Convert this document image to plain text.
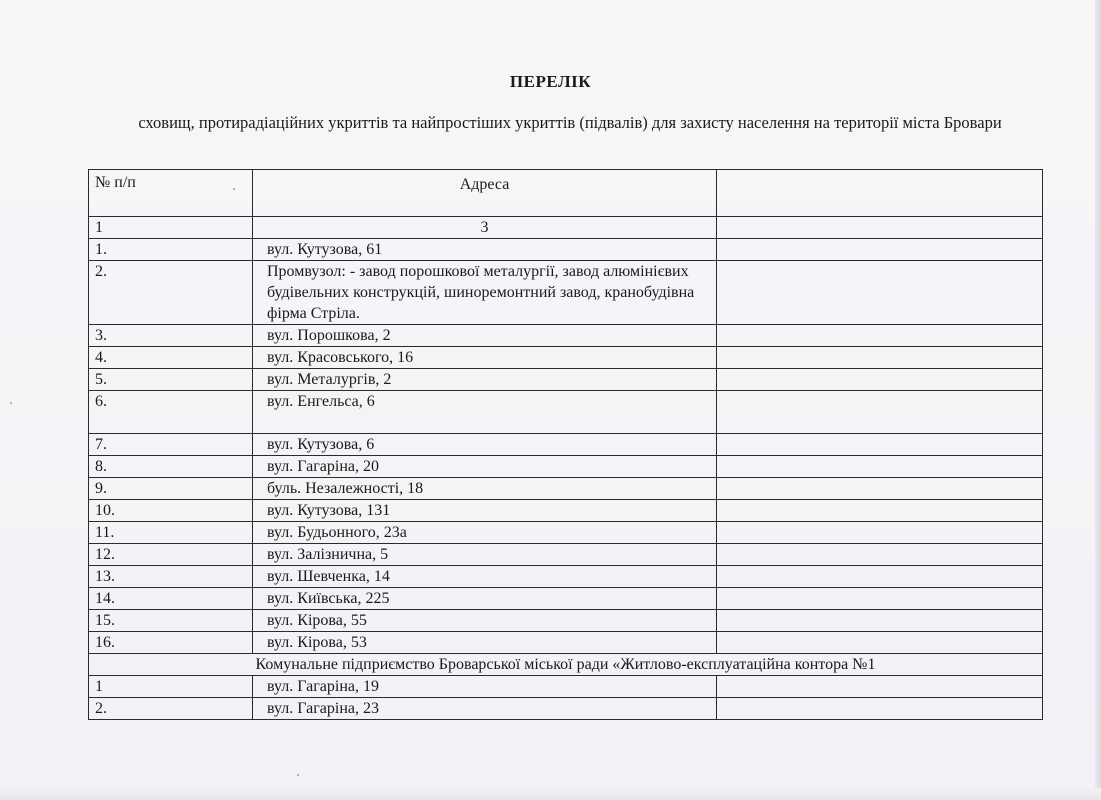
ПЕРЕЛІК
сховищ, протирадіаційних укриттів та найпростіших укриттів (підвалів) для захисту населення на території міста Бровари
№ п/п	Адреса	
1	3	
1.	вул. Кутузова, 61	
2.	Промвузол: - завод порошкової металургії, завод алюмінієвих будівельних конструкцій, шиноремонтний завод, кранобудівна фірма Стріла.	
3.	вул. Порошкова, 2	
4.	вул. Красовського, 16	
5.	вул. Металургів, 2	
6.	вул. Енгельса, 6	
7.	вул. Кутузова, 6	
8.	вул. Гагаріна, 20	
9.	буль. Незалежності, 18	
10.	вул. Кутузова, 131	
11.	вул. Будьонного, 23а	
12.	вул. Залізнична, 5	
13.	вул. Шевченка, 14	
14.	вул. Київська, 225	
15.	вул. Кірова, 55	
16.	вул. Кірова, 53	
Комунальне підприємство Броварської міської ради «Житлово-експлуатаційна контора №1		
1	вул. Гагаріна, 19	
2.	вул. Гагаріна, 23	
